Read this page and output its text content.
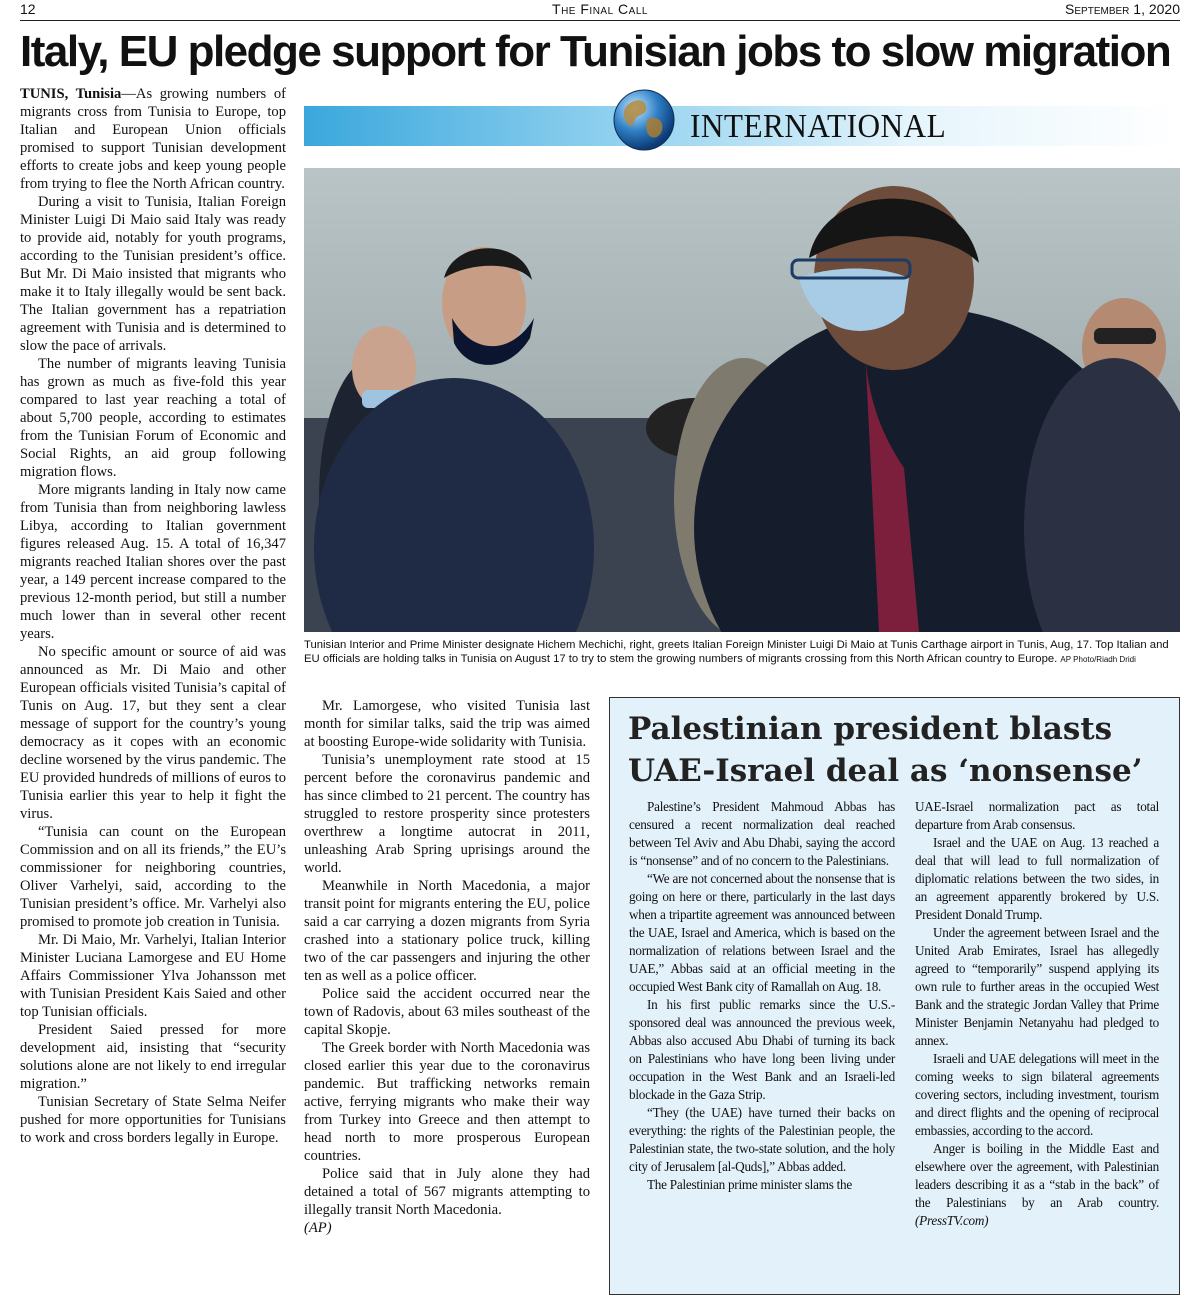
12	The Final Call	September 1, 2020
Italy, EU pledge support for Tunisian jobs to slow migration

TUNIS, Tunisia—As growing numbers of migrants cross from Tunisia to Europe, top Italian and European Union officials promised to support Tunisian development efforts to create jobs and keep young people from trying to flee the North African country.

During a visit to Tunisia, Italian Foreign Minister Luigi Di Maio said Italy was ready to provide aid, notably for youth programs, according to the Tunisian president’s office. But Mr. Di Maio insisted that migrants who make it to Italy illegally would be sent back. The Italian government has a repatriation agreement with Tunisia and is determined to slow the pace of arrivals.

The number of migrants leaving Tunisia has grown as much as five-fold this year compared to last year reaching a total of about 5,700 people, according to estimates from the Tunisian Forum of Economic and Social Rights, an aid group following migration flows.

More migrants landing in Italy now came from Tunisia than from neighboring lawless Libya, according to Italian government figures released Aug. 15. A total of 16,347 migrants reached Italian shores over the past year, a 149 percent increase compared to the previous 12-month period, but still a number much lower than in several other recent years.

No specific amount or source of aid was announced as Mr. Di Maio and other European officials visited Tunisia’s capital of Tunis on Aug. 17, but they sent a clear message of support for the country’s young democracy as it copes with an economic decline worsened by the virus pandemic. The EU provided hundreds of millions of euros to Tunisia earlier this year to help it fight the virus.

“Tunisia can count on the European Commission and on all its friends,” the EU’s commissioner for neighboring countries, Oliver Varhelyi, said, according to the Tunisian president’s office. Mr. Varhelyi also promised to promote job creation in Tunisia.

Mr. Di Maio, Mr. Varhelyi, Italian Interior Minister Luciana Lamorgese and EU Home Affairs Commissioner Ylva Johansson met with Tunisian President Kais Saied and other top Tunisian officials.

President Saied pressed for more development aid, insisting that “security solutions alone are not likely to end irregular migration.”

Tunisian Secretary of State Selma Neifer pushed for more opportunities for Tunisians to work and cross borders legally in Europe.

INTERNATIONAL
Tunisian Interior and Prime Minister designate Hichem Mechichi, right, greets Italian Foreign Minister Luigi Di Maio at Tunis Carthage airport in Tunis, Aug, 17. Top Italian and EU officials are holding talks in Tunisia on August 17 to try to stem the growing numbers of migrants crossing from this North African country to Europe. AP Photo/Riadh Dridi

Mr. Lamorgese, who visited Tunisia last month for similar talks, said the trip was aimed at boosting Europe-wide solidarity with Tunisia.

Tunisia’s unemployment rate stood at 15 percent before the coronavirus pandemic and has since climbed to 21 percent. The country has struggled to restore prosperity since protesters overthrew a longtime autocrat in 2011, unleashing Arab Spring uprisings around the world.

Meanwhile in North Macedonia, a major transit point for migrants entering the EU, police said a car carrying a dozen migrants from Syria crashed into a stationary police truck, killing two of the car passengers and injuring the other ten as well as a police officer.

Police said the accident occurred near the town of Radovis, about 63 miles southeast of the capital Skopje.

The Greek border with North Macedonia was closed earlier this year due to the coronavirus pandemic. But trafficking networks remain active, ferrying migrants who make their way from Turkey into Greece and then attempt to head north to more prosperous European countries.

Police said that in July alone they had detained a total of 567 migrants attempting to illegally transit North Macedonia.

(AP)

Palestinian president blasts UAE-Israel deal as ‘nonsense’

Palestine’s President Mahmoud Abbas has censured a recent normalization deal reached between Tel Aviv and Abu Dhabi, saying the accord is “nonsense” and of no concern to the Palestinians.

“We are not concerned about the nonsense that is going on here or there, particularly in the last days when a tripartite agreement was announced between the UAE, Israel and America, which is based on the normalization of relations between Israel and the UAE,” Abbas said at an official meeting in the occupied West Bank city of Ramallah on Aug. 18.

In his first public remarks since the U.S.-sponsored deal was announced the previous week, Abbas also accused Abu Dhabi of turning its back on Palestinians who have long been living under occupation in the West Bank and an Israeli-led blockade in the Gaza Strip.

“They (the UAE) have turned their backs on everything: the rights of the Palestinian people, the Palestinian state, the two-state solution, and the holy city of Jerusalem [al-Quds],” Abbas added.

The Palestinian prime minister slams the

UAE-Israel normalization pact as total departure from Arab consensus.

Israel and the UAE on Aug. 13 reached a deal that will lead to full normalization of diplomatic relations between the two sides, in an agreement apparently brokered by U.S. President Donald Trump.

Under the agreement between Israel and the United Arab Emirates, Israel has allegedly agreed to “temporarily” suspend applying its own rule to further areas in the occupied West Bank and the strategic Jordan Valley that Prime Minister Benjamin Netanyahu had pledged to annex.

Israeli and UAE delegations will meet in the coming weeks to sign bilateral agreements covering sectors, including investment, tourism and direct flights and the opening of reciprocal embassies, according to the accord.

Anger is boiling in the Middle East and elsewhere over the agreement, with Palestinian leaders describing it as a “stab in the back” of the Palestinians by an Arab country. (PressTV.com)
